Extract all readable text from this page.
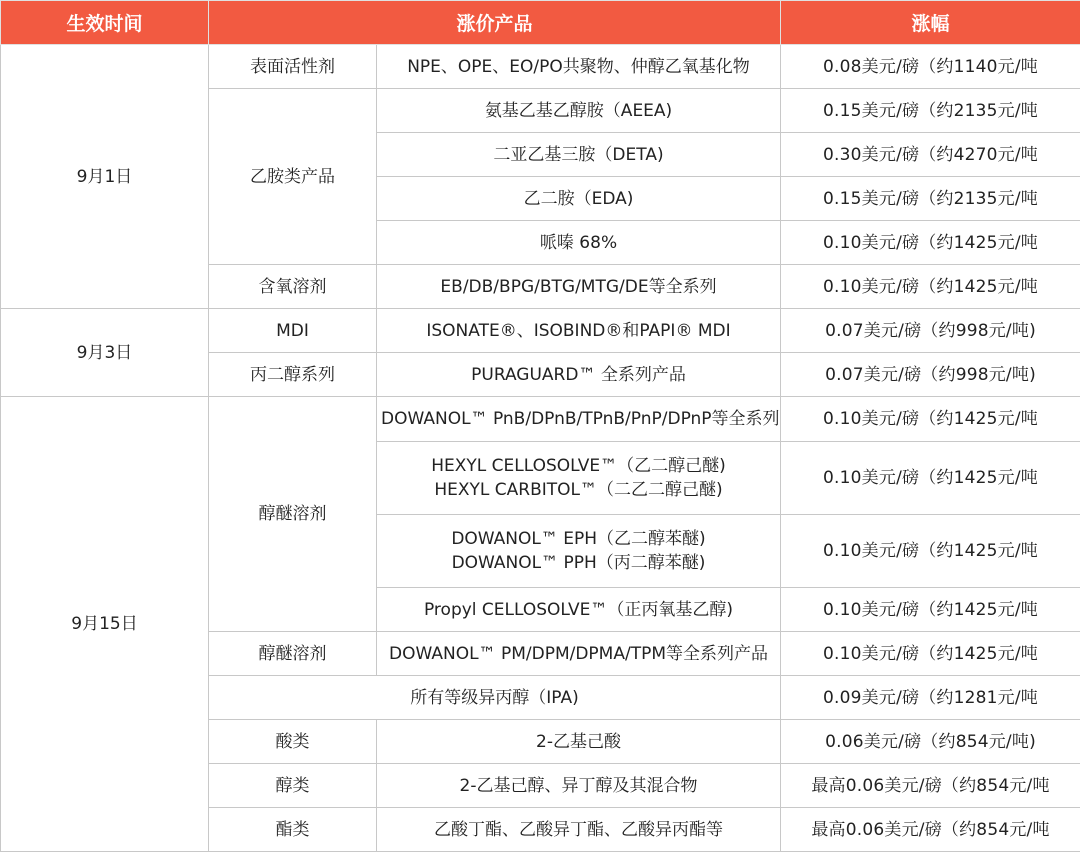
生效时间	涨价产品		涨幅
9月1日	表面活性剂	NPE、OPE、EO/PO共聚物、仲醇乙氧基化物	0.08美元/磅（约1140元/吨
	乙胺类产品	氨基乙基乙醇胺（AEEA)	0.15美元/磅（约2135元/吨
		二亚乙基三胺（DETA)	0.30美元/磅（约4270元/吨
		乙二胺（EDA)	0.15美元/磅（约2135元/吨
		哌嗪 68%	0.10美元/磅（约1425元/吨
	含氧溶剂	EB/DB/BPG/BTG/MTG/DE等全系列	0.10美元/磅（约1425元/吨
9月3日	MDI	ISONATE®、ISOBIND®和PAPI® MDI	0.07美元/磅（约998元/吨)
	丙二醇系列	PURAGUARD™ 全系列产品	0.07美元/磅（约998元/吨)
9月15日	醇醚溶剂	DOWANOL™ PnB/DPnB/TPnB/PnP/DPnP等全系列	0.10美元/磅（约1425元/吨

		HEXYL CELLOSOLVE™（乙二醇己醚)
HEXYL CARBITOL™（二乙二醇己醚)	0.10美元/磅（约1425元/吨

		DOWANOL™ EPH（乙二醇苯醚)
DOWANOL™ PPH（丙二醇苯醚)	0.10美元/磅（约1425元/吨
		Propyl CELLOSOLVE™（正丙氧基乙醇)	0.10美元/磅（约1425元/吨
	醇醚溶剂	DOWANOL™ PM/DPM/DPMA/TPM等全系列产品	0.10美元/磅（约1425元/吨
	所有等级异丙醇（IPA)		0.09美元/磅（约1281元/吨
	酸类	2-乙基己酸	0.06美元/磅（约854元/吨)
	醇类	2-乙基己醇、异丁醇及其混合物	最高0.06美元/磅（约854元/吨
	酯类	乙酸丁酯、乙酸异丁酯、乙酸异丙酯等	最高0.06美元/磅（约854元/吨
